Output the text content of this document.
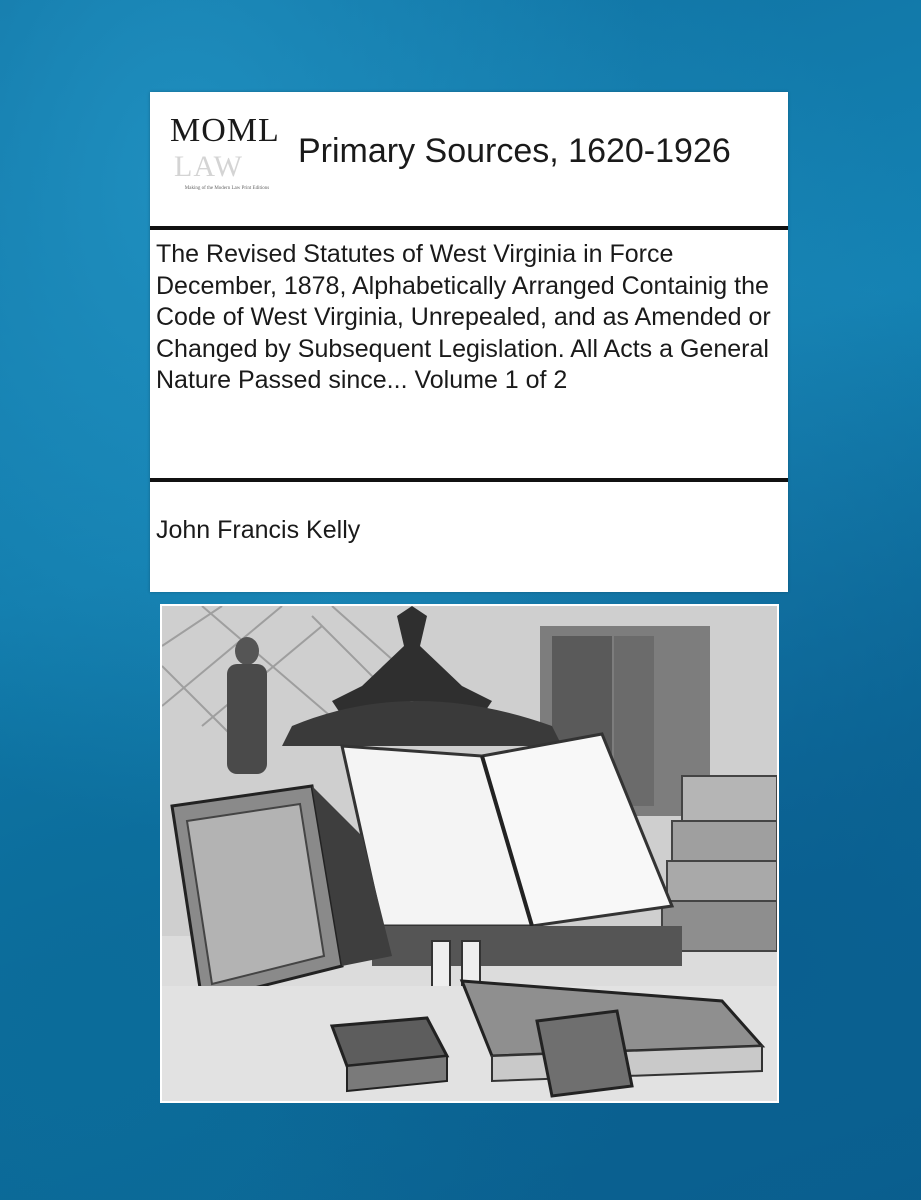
MOML
LAW
Making of the Modern Law Print Editions
Primary Sources, 1620-1926
The Revised Statutes of West Virginia in Force December, 1878, Alphabetically Arranged Containig the Code of West Virginia, Unrepealed, and as Amended or Changed by Subsequent Legislation. All Acts a General Nature Passed since... Volume 1 of 2
John Francis Kelly
